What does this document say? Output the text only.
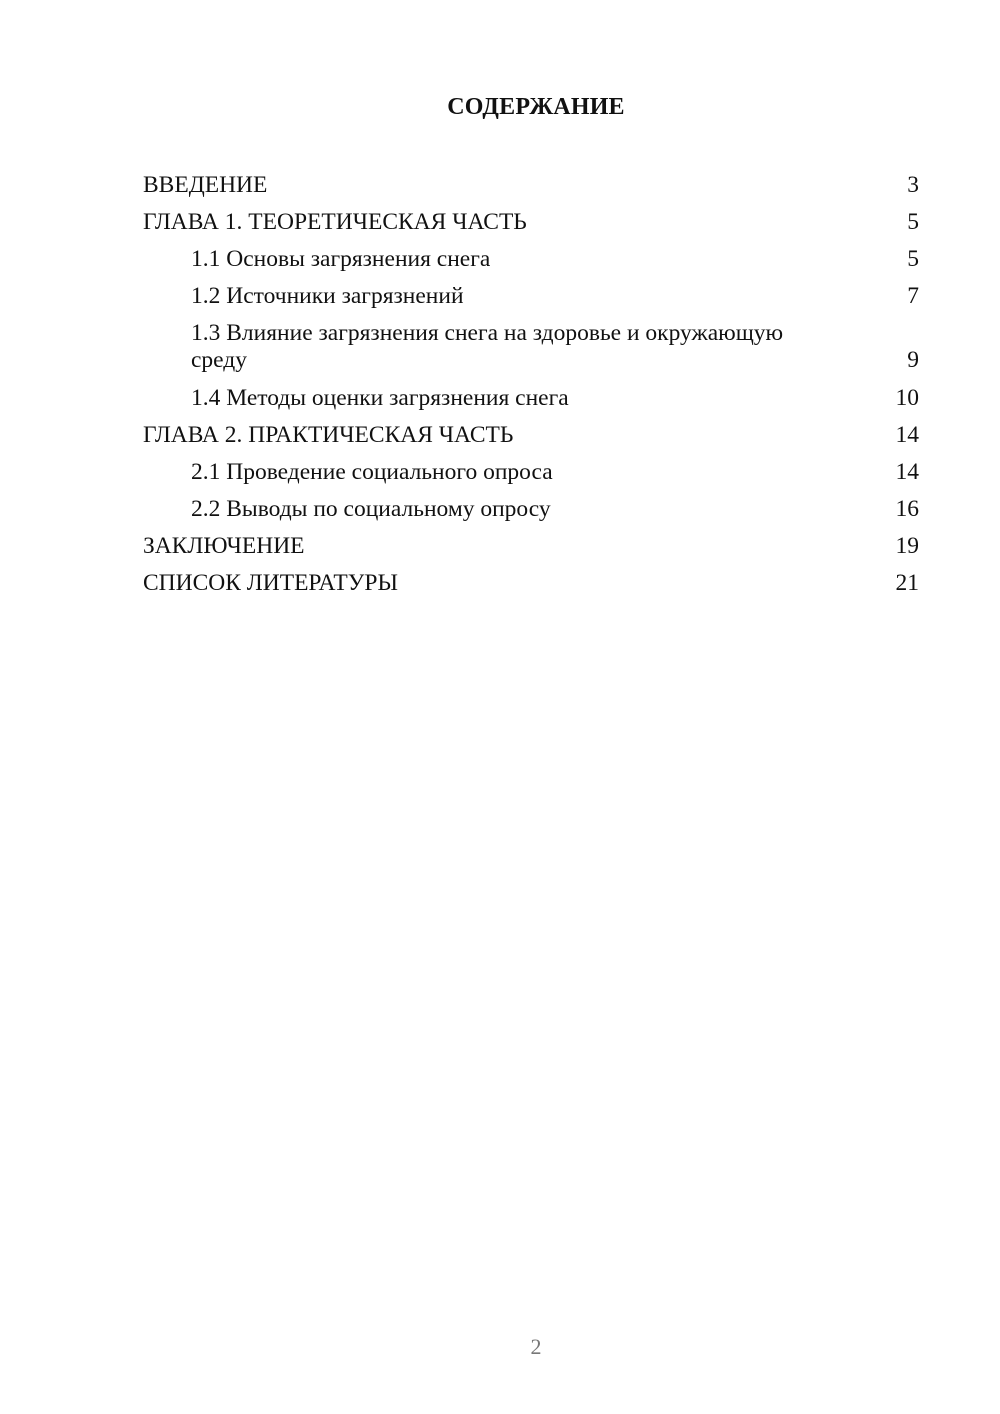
СОДЕРЖАНИЕ
ВВЕДЕНИЕ	3
ГЛАВА 1. ТЕОРЕТИЧЕСКАЯ ЧАСТЬ	5
1.1 Основы загрязнения снега	5
1.2 Источники загрязнений	7
1.3 Влияние загрязнения снега на здоровье и окружающую среду	9
1.4 Методы оценки загрязнения снега	10
ГЛАВА 2. ПРАКТИЧЕСКАЯ ЧАСТЬ	14
2.1 Проведение социального опроса	14
2.2 Выводы по социальному опросу	16
ЗАКЛЮЧЕНИЕ	19
СПИСОК ЛИТЕРАТУРЫ	21
2
